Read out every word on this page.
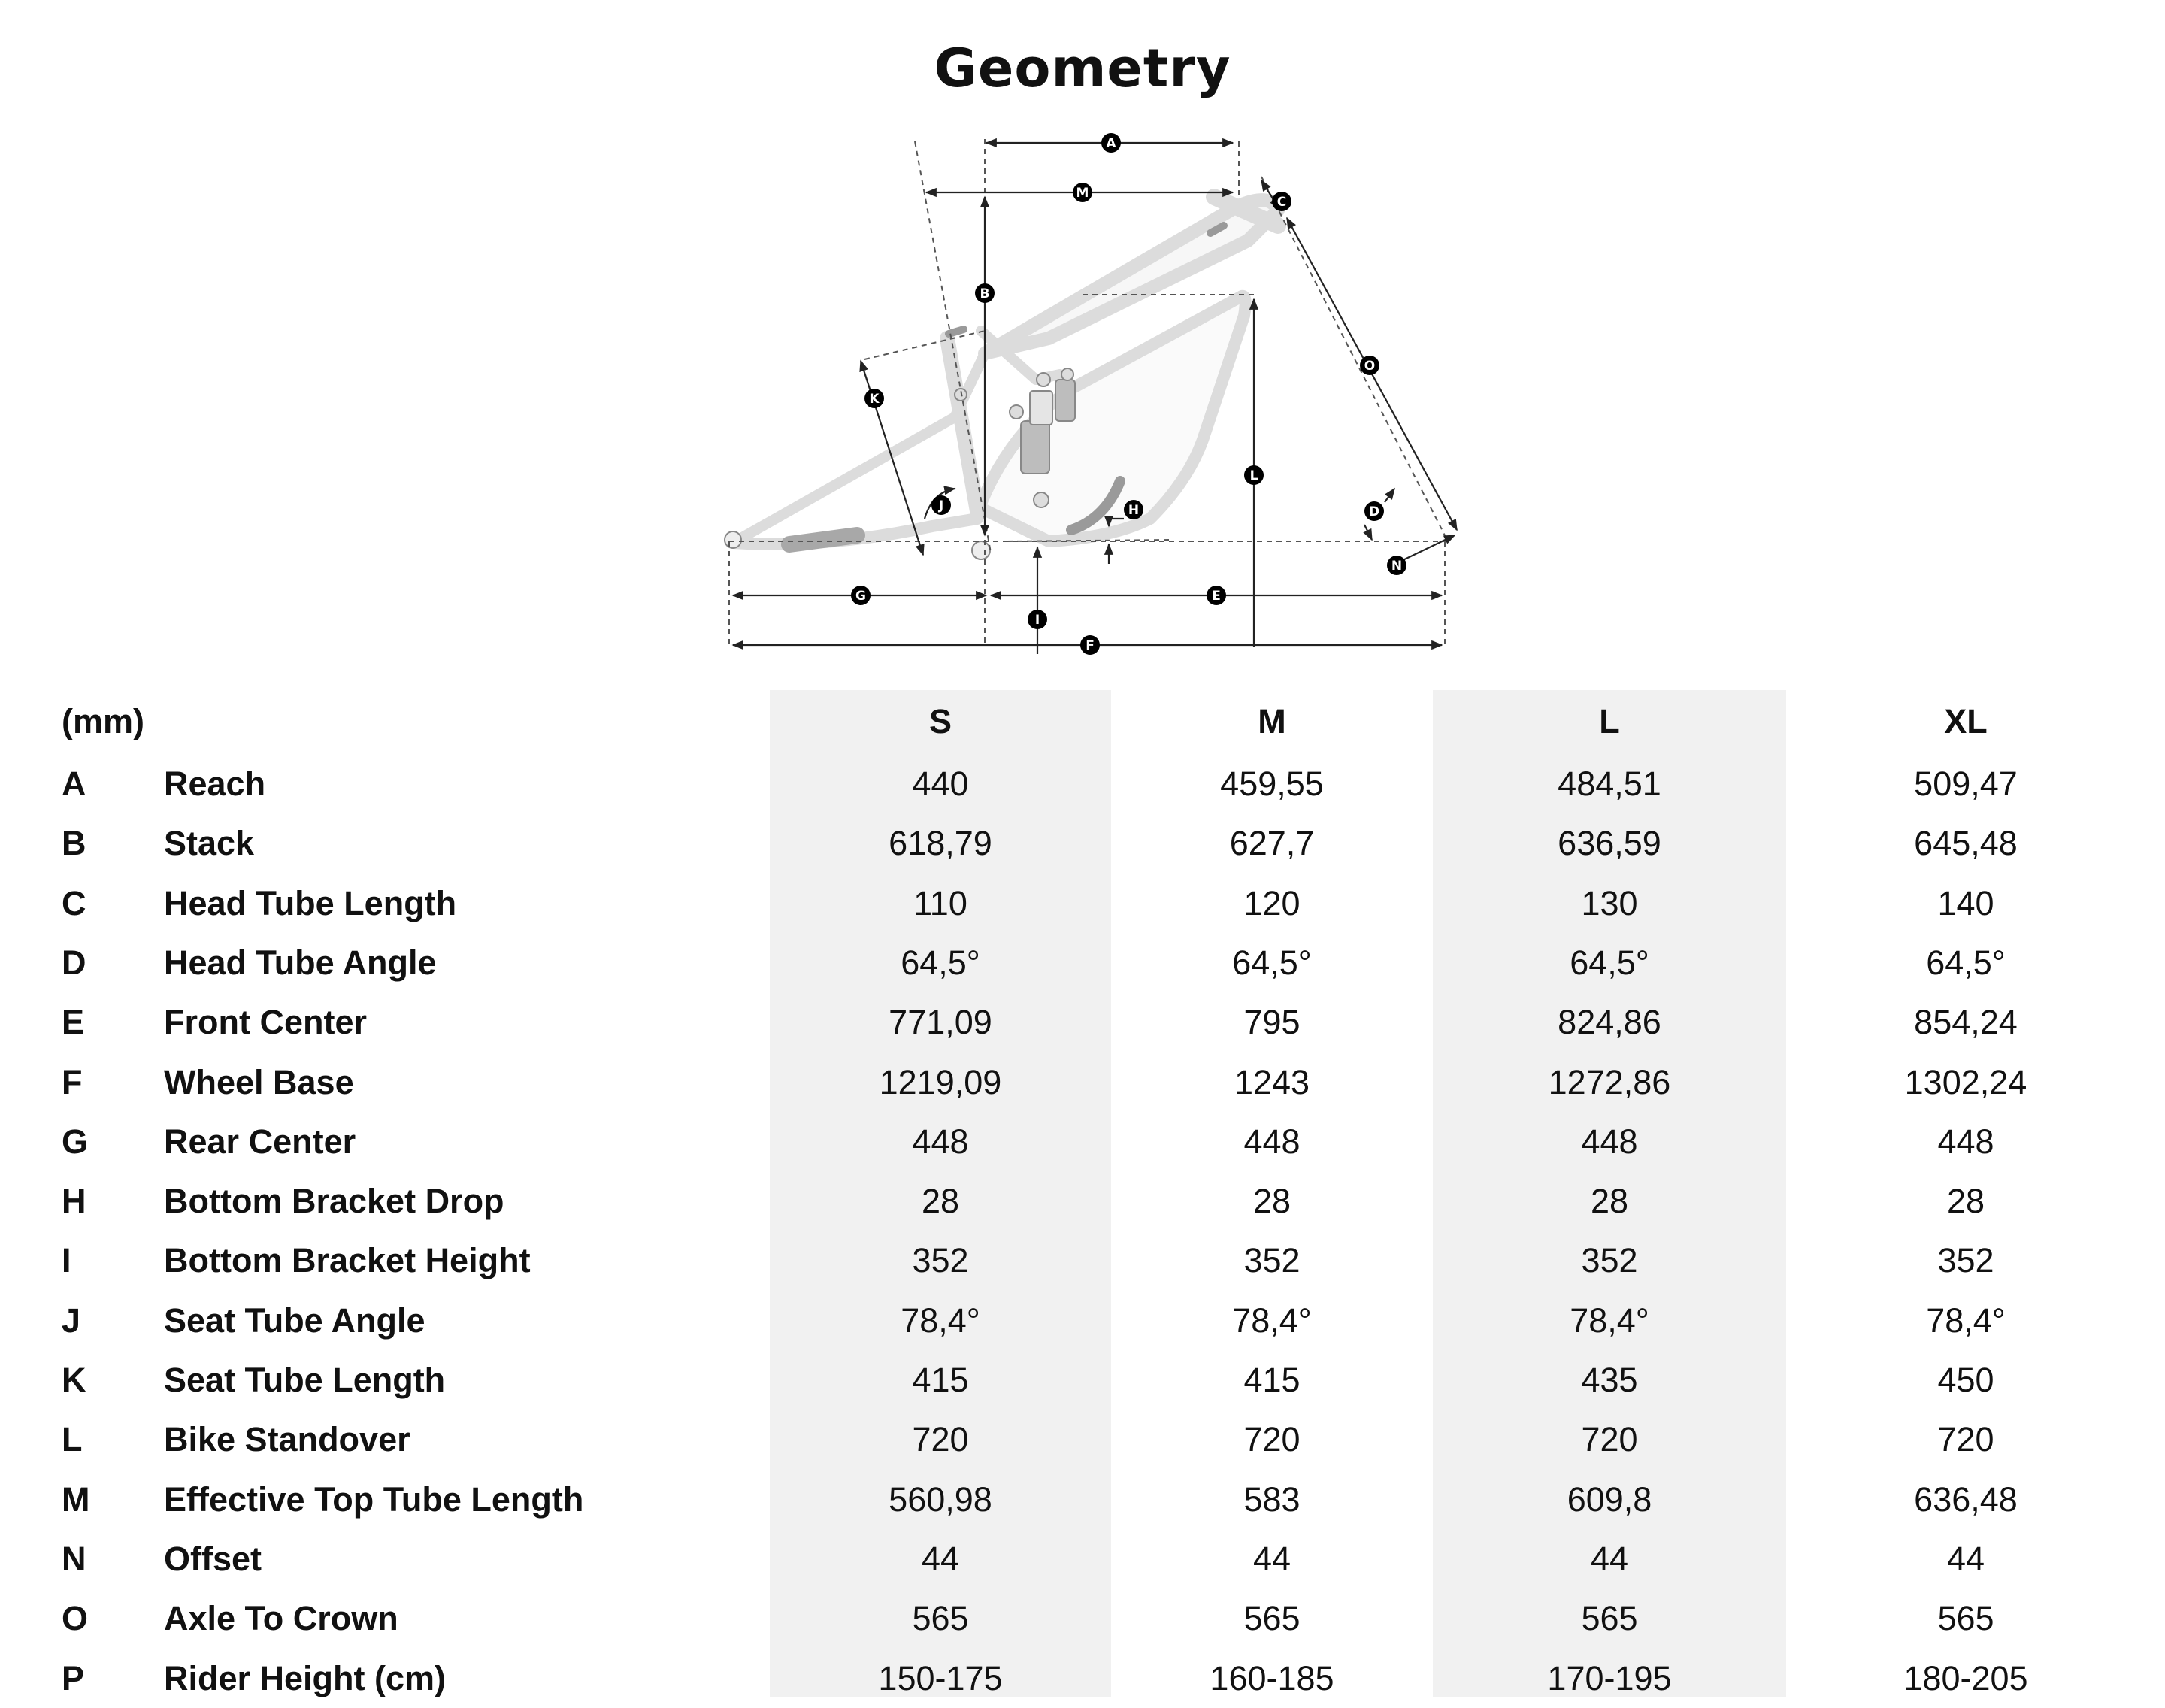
Geometry
A
B
C
D
E
F
G
H
I
J
K
L
M
N
O
(mm)	S	M	L	XL
A Reach	440	459,55	484,51	509,47
B Stack	618,79	627,7	636,59	645,48
C Head Tube Length	110	120	130	140
D Head Tube Angle	64,5°	64,5°	64,5°	64,5°
E Front Center	771,09	795	824,86	854,24
F Wheel Base	1219,09	1243	1272,86	1302,24
G Rear Center	448	448	448	448
H Bottom Bracket Drop	28	28	28	28
I	Bottom Bracket Height	352	352	352	352
J Seat Tube Angle	78,4°	78,4°	78,4°	78,4°
K Seat Tube Length	415	415	435	450
L Bike Standover	720	720	720	720
M Effective Top Tube Length	560,98	583	609,8	636,48
N Offset	44	44	44	44
O Axle To Crown	565	565	565	565
P Rider Height (cm)	150-175	160-185	170-195	180-205
